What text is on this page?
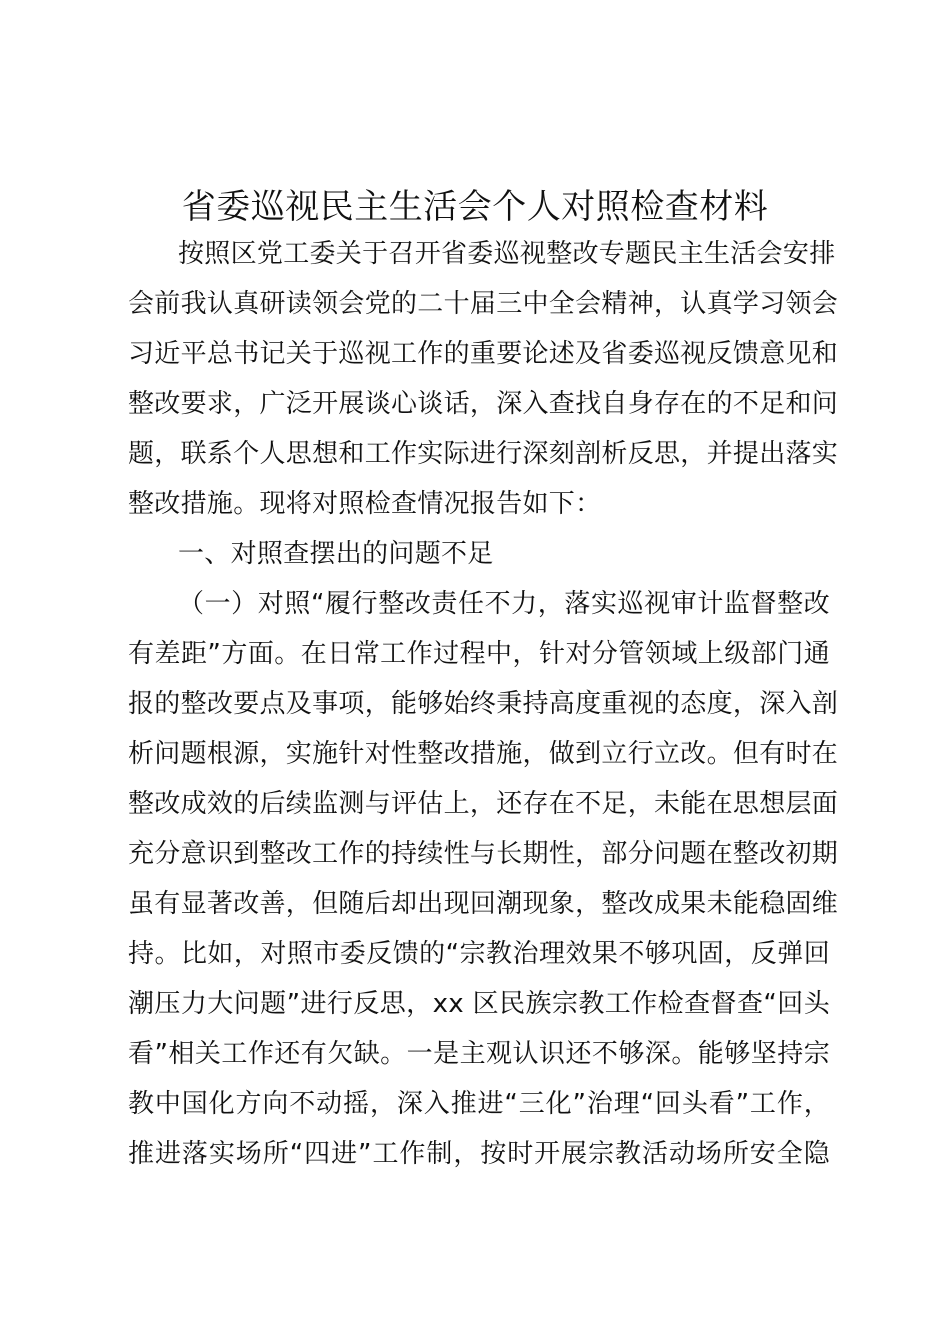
省委巡视民主生活会个人对照检查材料
按照区党工委关于召开省委巡视整改专题民主生活会安排
会前我认真研读领会党的二十届三中全会精神，认真学习领会
习近平总书记关于巡视工作的重要论述及省委巡视反馈意见和
整改要求，广泛开展谈心谈话，深入查找自身存在的不足和问
题，联系个人思想和工作实际进行深刻剖析反思，并提出落实
整改措施。现将对照检查情况报告如下：
一、对照查摆出的问题不足
（一）对照“履行整改责任不力，落实巡视审计监督整改
有差距”方面。在日常工作过程中，针对分管领域上级部门通
报的整改要点及事项，能够始终秉持高度重视的态度，深入剖
析问题根源，实施针对性整改措施，做到立行立改。但有时在
整改成效的后续监测与评估上，还存在不足，未能在思想层面
充分意识到整改工作的持续性与长期性，部分问题在整改初期
虽有显著改善，但随后却出现回潮现象，整改成果未能稳固维
持。比如，对照市委反馈的“宗教治理效果不够巩固，反弹回
潮压力大问题”进行反思，xx 区民族宗教工作检查督查“回头
看”相关工作还有欠缺。一是主观认识还不够深。能够坚持宗
教中国化方向不动摇，深入推进“三化”治理“回头看”工作，
推进落实场所“四进”工作制，按时开展宗教活动场所安全隐
